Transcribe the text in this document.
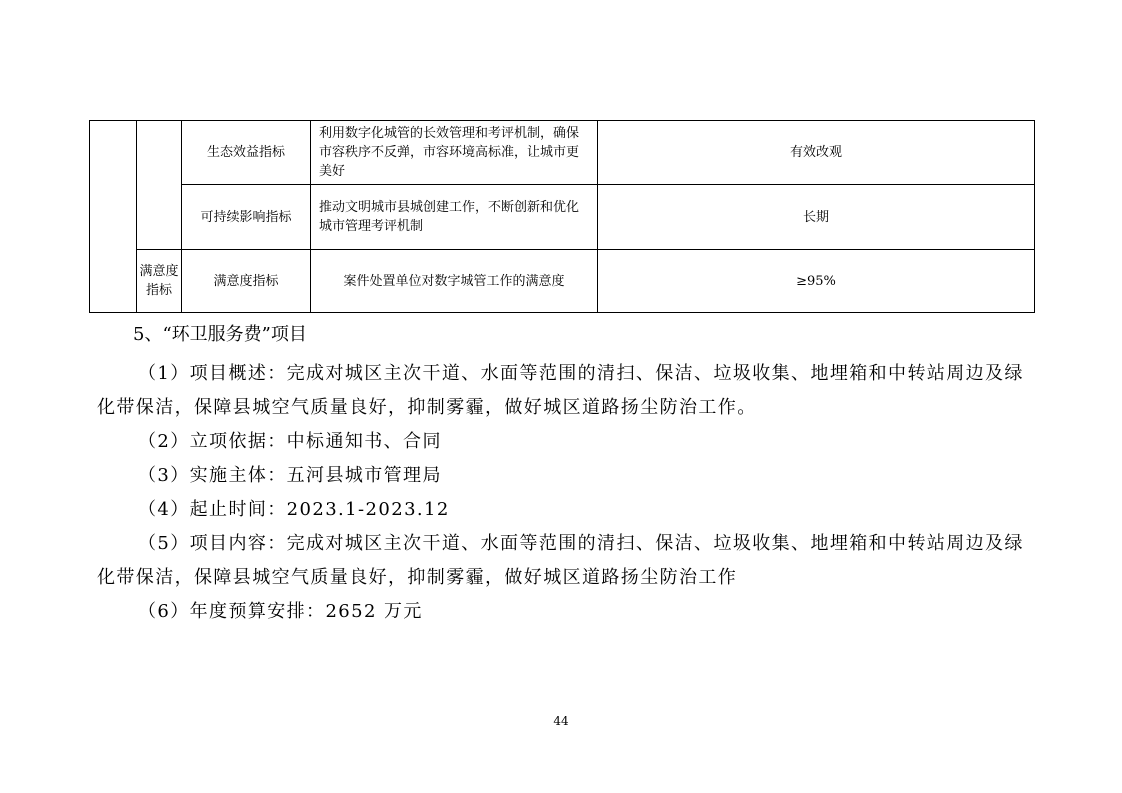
		生态效益指标	利用数字化城管的长效管理和考评机制，确保市容秩序不反弹，市容环境高标准，让城市更美好	有效改观
		可持续影响指标	推动文明城市县城创建工作，不断创新和优化城市管理考评机制	长期
	满意度指标	满意度指标	案件处置单位对数字城管工作的满意度	≥95%
5、“环卫服务费”项目

（1）项目概述：完成对城区主次干道、水面等范围的清扫、保洁、垃圾收集、地埋箱和中转站周边及绿化带保洁，保障县城空气质量良好，抑制雾霾，做好城区道路扬尘防治工作。

（2）立项依据：中标通知书、合同

（3）实施主体：五河县城市管理局

（4）起止时间：2023.1-2023.12

（5）项目内容：完成对城区主次干道、水面等范围的清扫、保洁、垃圾收集、地埋箱和中转站周边及绿化带保洁，保障县城空气质量良好，抑制雾霾，做好城区道路扬尘防治工作

（6）年度预算安排：2652 万元

44
